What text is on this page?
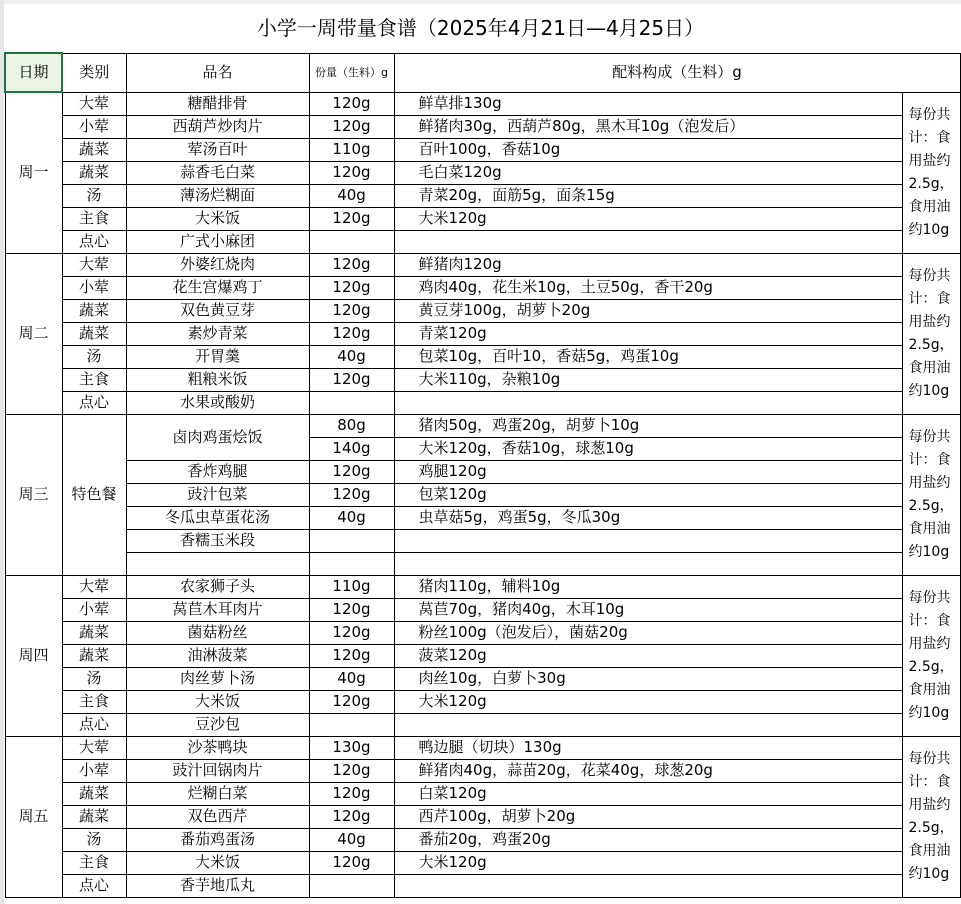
小学一周带量食谱（2025年4月21日—4月25日）
日期	类别	品名	份量（生料）g	配料构成（生料）g	
周一	大荤	糖醋排骨	120g	鲜草排130g	每份共计：食用盐约2.5g，食用油约10g
	小荤	西葫芦炒肉片	120g	鲜猪肉30g，西葫芦80g，黑木耳10g（泡发后）	
	蔬菜	荤汤百叶	110g	百叶100g，香菇10g	
	蔬菜	蒜香毛白菜	120g	毛白菜120g	
	汤	薄汤烂糊面	40g	青菜20g，面筋5g，面条15g	
	主食	大米饭	120g	大米120g	
	点心	广式小麻团			
周二	大荤	外婆红烧肉	120g	鲜猪肉120g	每份共计：食用盐约2.5g，食用油约10g
	小荤	花生宫爆鸡丁	120g	鸡肉40g，花生米10g，土豆50g，香干20g	
	蔬菜	双色黄豆芽	120g	黄豆芽100g，胡萝卜20g	
	蔬菜	素炒青菜	120g	青菜120g	
	汤	开胃羹	40g	包菜10g，百叶10，香菇5g，鸡蛋10g	
	主食	粗粮米饭	120g	大米110g，杂粮10g	
	点心	水果或酸奶			
周三	特色餐	卤肉鸡蛋烩饭	80g	猪肉50g，鸡蛋20g，胡萝卜10g	每份共计：食用盐约2.5g，食用油约10g
			140g	大米120g，香菇10g，球葱10g	
		香炸鸡腿	120g	鸡腿120g	
		豉汁包菜	120g	包菜120g	
		冬瓜虫草蛋花汤	40g	虫草菇5g，鸡蛋5g，冬瓜30g	
		香糯玉米段			

周四	大荤	农家狮子头	110g	猪肉110g，辅料10g	每份共计：食用盐约2.5g，食用油约10g
	小荤	莴苣木耳肉片	120g	莴苣70g，猪肉40g，木耳10g	
	蔬菜	菌菇粉丝	120g	粉丝100g（泡发后），菌菇20g	
	蔬菜	油淋菠菜	120g	菠菜120g	
	汤	肉丝萝卜汤	40g	肉丝10g，白萝卜30g	
	主食	大米饭	120g	大米120g	
	点心	豆沙包			
周五	大荤	沙茶鸭块	130g	鸭边腿（切块）130g	每份共计：食用盐约2.5g，食用油约10g
	小荤	豉汁回锅肉片	120g	鲜猪肉40g，蒜苗20g，花菜40g，球葱20g	
	蔬菜	烂糊白菜	120g	白菜120g	
	蔬菜	双色西芹	120g	西芹100g，胡萝卜20g	
	汤	番茄鸡蛋汤	40g	番茄20g，鸡蛋20g	
	主食	大米饭	120g	大米120g	
	点心	香芋地瓜丸			
